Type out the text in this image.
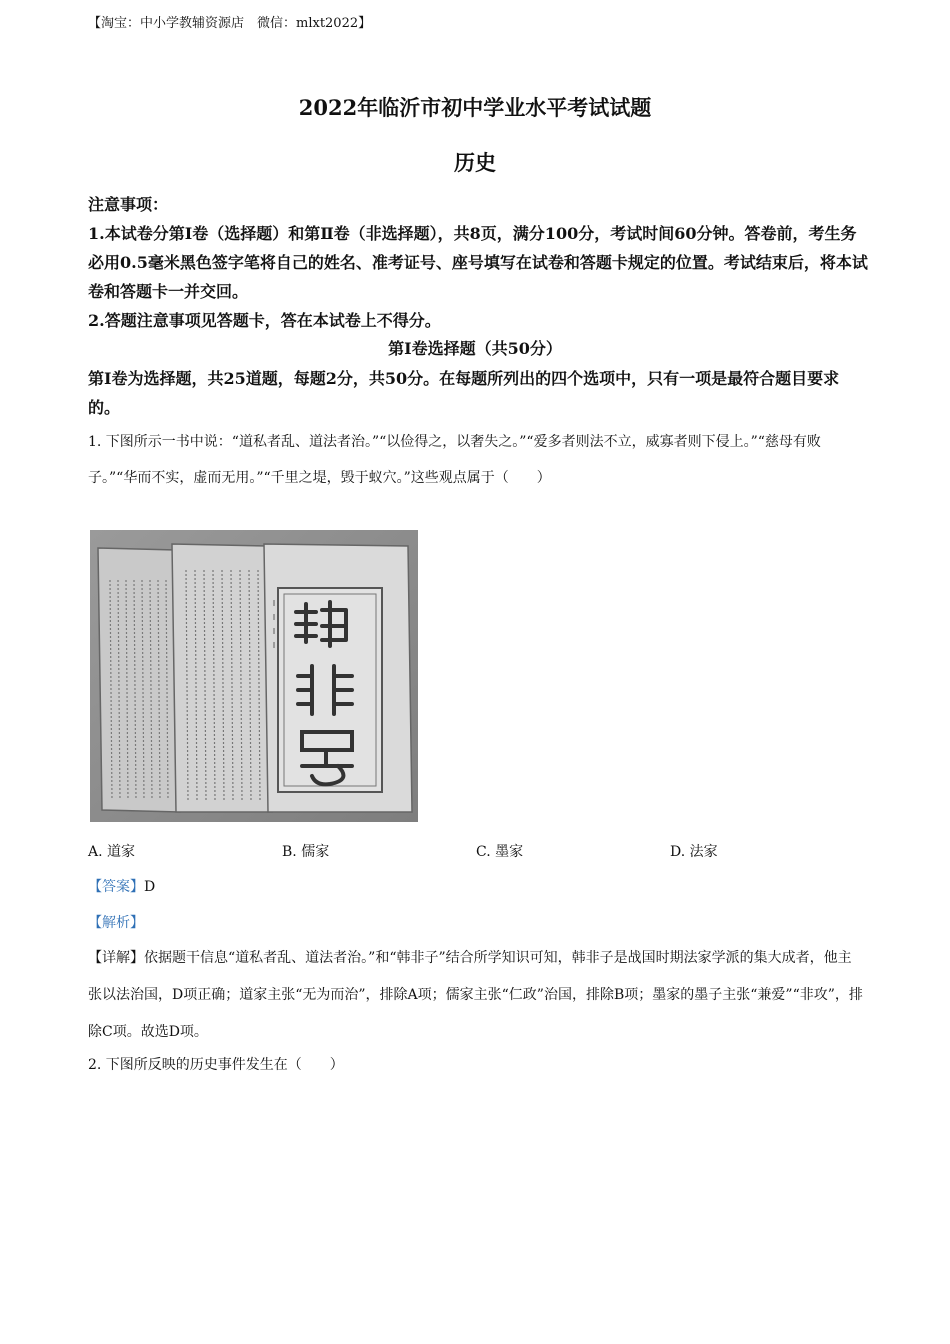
【淘宝：中小学教辅资源店　微信：mlxt2022】
2022年临沂市初中学业水平考试试题
历史

注意事项：

1.本试卷分第Ⅰ卷（选择题）和第Ⅱ卷（非选择题），共8页，满分100分，考试时间60分钟。答卷前，考生务必用0.5毫米黑色签字笔将自己的姓名、准考证号、座号填写在试卷和答题卡规定的位置。考试结束后，将本试卷和答题卡一并交回。

2.答题注意事项见答题卡，答在本试卷上不得分。

第Ⅰ卷选择题（共50分）
第Ⅰ卷为选择题，共25道题，每题2分，共50分。在每题所列出的四个选项中，只有一项是最符合题目要求的。
1. 下图所示一书中说：“道私者乱、道法者治。”“以俭得之，以奢失之。”“爱多者则法不立，威寡者则下侵上。”“慈母有败子。”“华而不实，虚而无用。”“千里之堤，毁于蚁穴。”这些观点属于（　　）
A. 道家	B. 儒家	C. 墨家	D. 法家
【答案】D
【解析】
【详解】依据题干信息“道私者乱、道法者治。”和“韩非子”结合所学知识可知，韩非子是战国时期法家学派的集大成者，他主张以法治国，D项正确；道家主张“无为而治”，排除A项；儒家主张“仁政”治国，排除B项；墨家的墨子主张“兼爱”“非攻”，排除C项。故选D项。
2. 下图所反映的历史事件发生在（　　）
